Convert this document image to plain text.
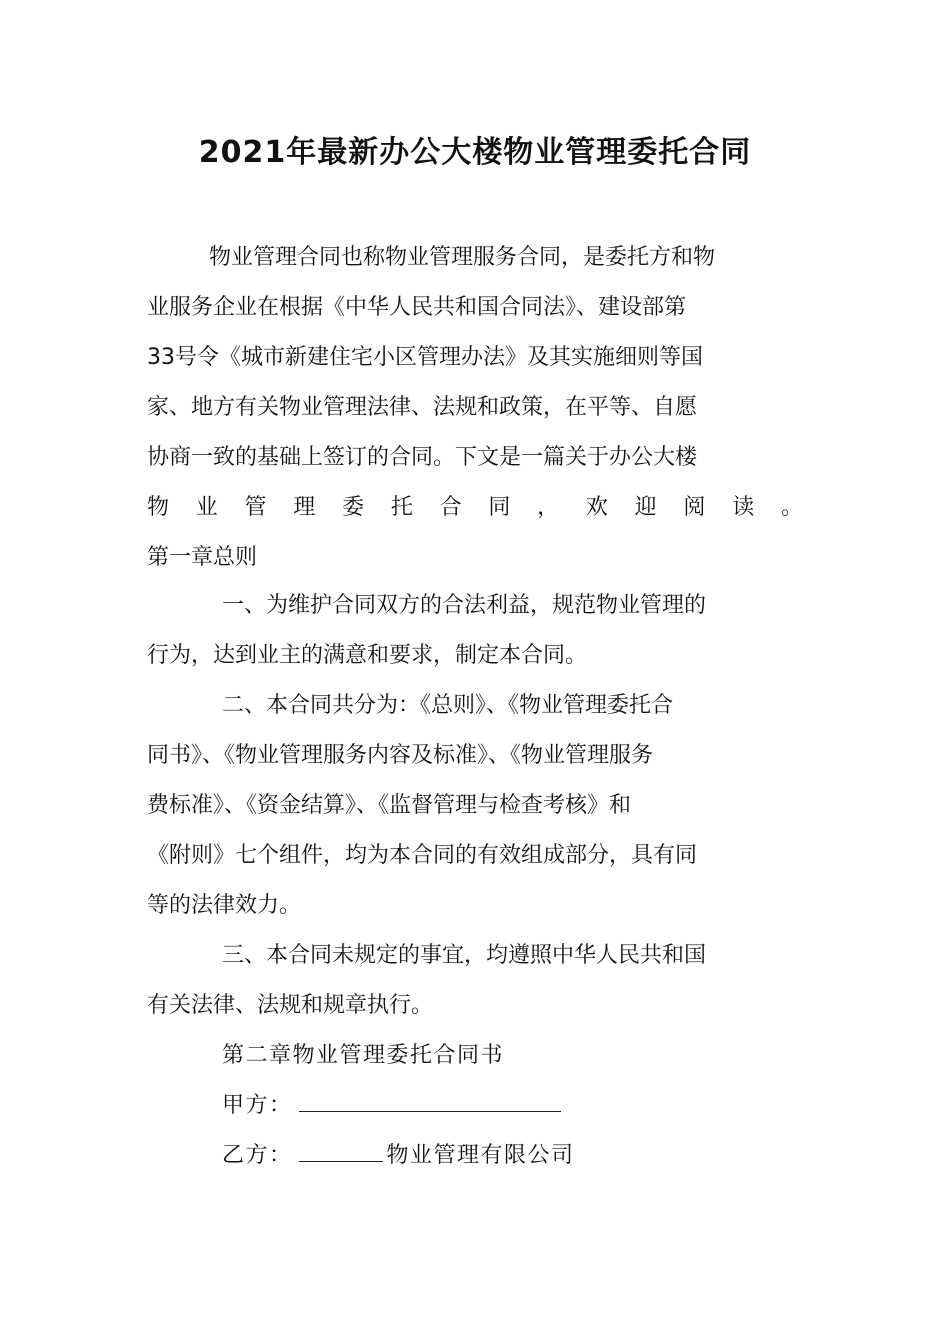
2021年最新办公大楼物业管理委托合同
物业管理合同也称物业管理服务合同，是委托方和物
业服务企业在根据《中华人民共和国合同法》、建设部第
33号令《城市新建住宅小区管理办法》及其实施细则等国
家、地方有关物业管理法律、法规和政策，在平等、自愿
协商一致的基础上签订的合同。下文是一篇关于办公大楼
物 业 管 理 委 托 合 同 ， 欢 迎 阅 读 。
第一章总则
一、为维护合同双方的合法利益，规范物业管理的
行为，达到业主的满意和要求，制定本合同。
二、本合同共分为：《总则》、《物业管理委托合
同书》、《物业管理服务内容及标准》、《物业管理服务
费标准》、《资金结算》、《监督管理与检查考核》和
《附则》七个组件，均为本合同的有效组成部分，具有同
等的法律效力。
三、本合同未规定的事宜，均遵照中华人民共和国
有关法律、法规和规章执行。
第二章物业管理委托合同书
甲方：
乙方：	物业管理有限公司
